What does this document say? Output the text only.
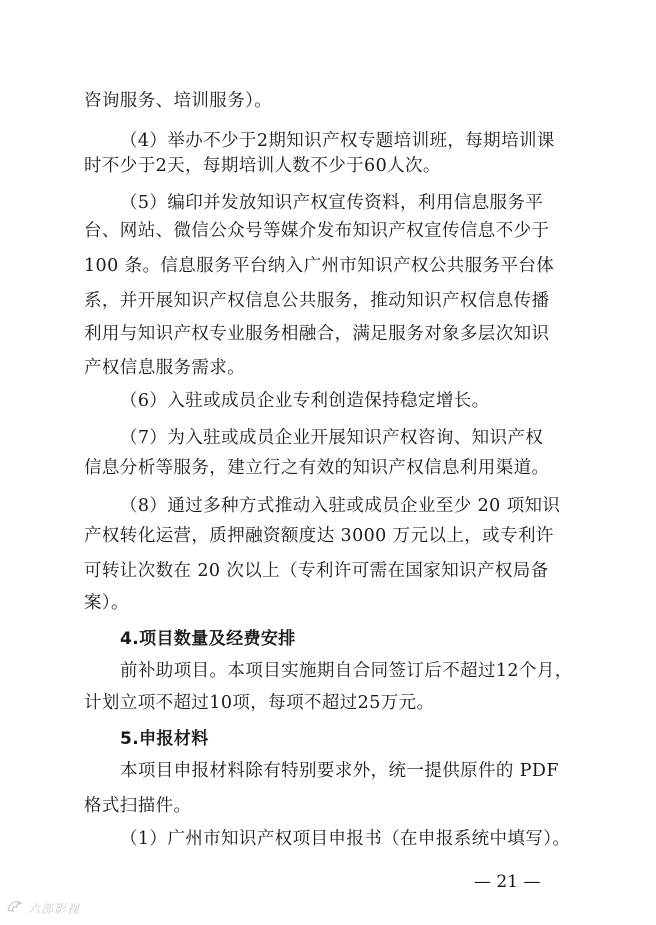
咨询服务、培训服务）。
（4）举办不少于2期知识产权专题培训班，每期培训课
时不少于2天，每期培训人数不少于60人次。
（5）编印并发放知识产权宣传资料，利用信息服务平
台、网站、微信公众号等媒介发布知识产权宣传信息不少于
100 条。信息服务平台纳入广州市知识产权公共服务平台体
系，并开展知识产权信息公共服务，推动知识产权信息传播
利用与知识产权专业服务相融合，满足服务对象多层次知识
产权信息服务需求。
（6）入驻或成员企业专利创造保持稳定增长。
（7）为入驻或成员企业开展知识产权咨询、知识产权
信息分析等服务，建立行之有效的知识产权信息利用渠道。
（8）通过多种方式推动入驻或成员企业至少 20 项知识
产权转化运营，质押融资额度达 3000 万元以上，或专利许
可转让次数在 20 次以上（专利许可需在国家知识产权局备
案）。
4.项目数量及经费安排
前补助项目。本项目实施期自合同签订后不超过12个月，
计划立项不超过10项，每项不超过25万元。
5.申报材料
本项目申报材料除有特别要求外，统一提供原件的 PDF
格式扫描件。
（1）广州市知识产权项目申报书（在申报系统中填写）。
— 21 —
六部影视
